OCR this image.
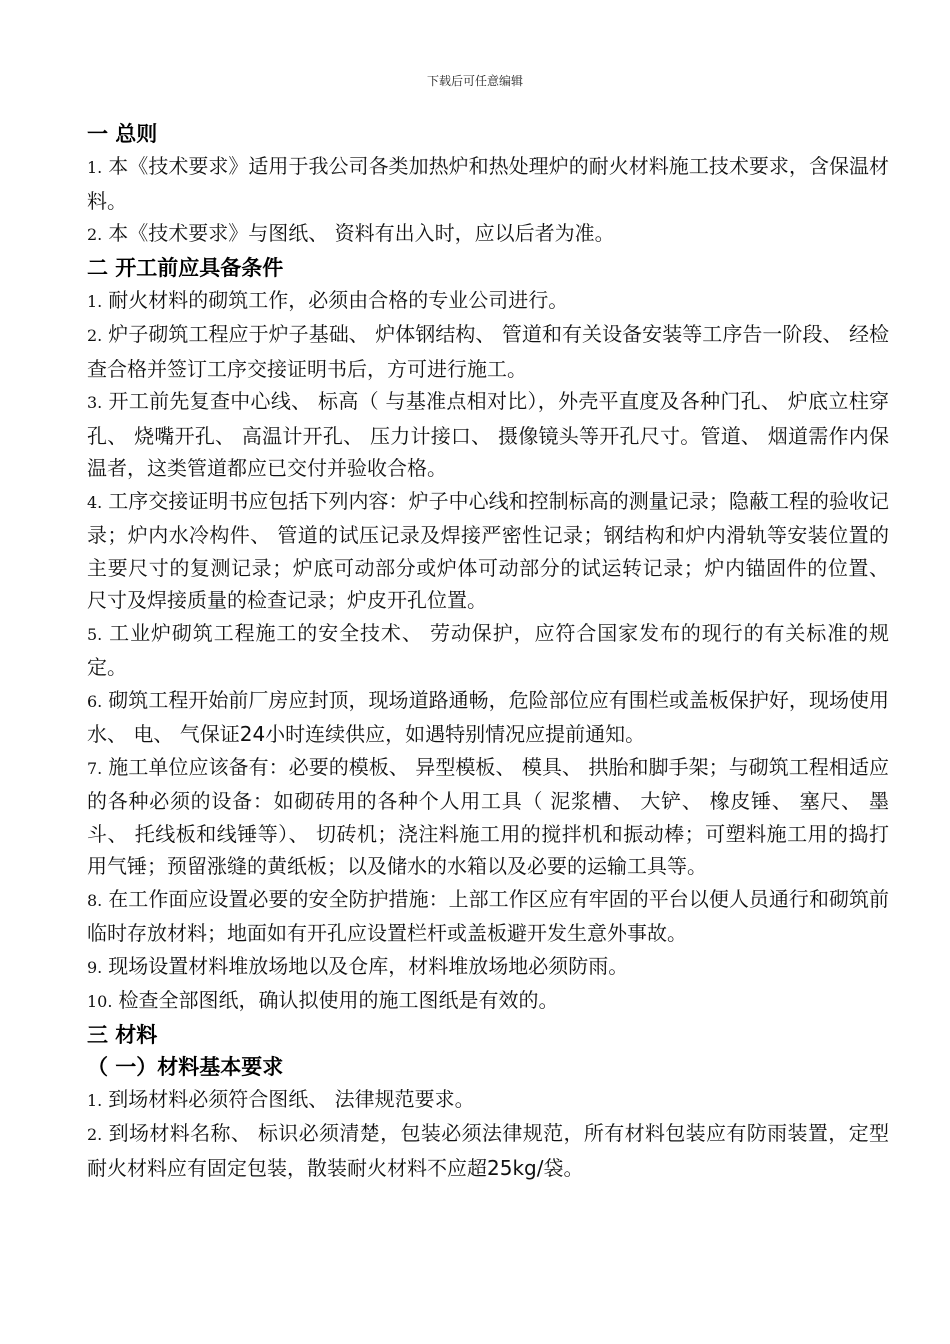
下载后可任意编辑
一 总则

1. 本《技术要求》适用于我公司各类加热炉和热处理炉的耐火材料施工技术要求，含保温材料。

2. 本《技术要求》与图纸、 资料有出入时，应以后者为准。

二 开工前应具备条件

1. 耐火材料的砌筑工作，必须由合格的专业公司进行。

2. 炉子砌筑工程应于炉子基础、 炉体钢结构、 管道和有关设备安装等工序告一阶段、 经检查合格并签订工序交接证明书后，方可进行施工。

3. 开工前先复查中心线、 标高（ 与基准点相对比），外壳平直度及各种门孔、 炉底立柱穿孔、 烧嘴开孔、 高温计开孔、 压力计接口、 摄像镜头等开孔尺寸。管道、 烟道需作内保温者，这类管道都应已交付并验收合格。

4. 工序交接证明书应包括下列内容：炉子中心线和控制标高的测量记录；隐蔽工程的验收记录；炉内水冷构件、 管道的试压记录及焊接严密性记录；钢结构和炉内滑轨等安装位置的主要尺寸的复测记录；炉底可动部分或炉体可动部分的试运转记录；炉内锚固件的位置、 尺寸及焊接质量的检查记录；炉皮开孔位置。

5. 工业炉砌筑工程施工的安全技术、 劳动保护，应符合国家发布的现行的有关标准的规定。

6. 砌筑工程开始前厂房应封顶，现场道路通畅，危险部位应有围栏或盖板保护好，现场使用水、 电、 气保证24小时连续供应，如遇特别情况应提前通知。

7. 施工单位应该备有：必要的模板、 异型模板、 模具、 拱胎和脚手架；与砌筑工程相适应的各种必须的设备：如砌砖用的各种个人用工具（ 泥浆槽、 大铲、 橡皮锤、 塞尺、 墨斗、 托线板和线锤等）、 切砖机；浇注料施工用的搅拌机和振动棒；可塑料施工用的捣打用气锤；预留涨缝的黄纸板；以及储水的水箱以及必要的运输工具等。

8. 在工作面应设置必要的安全防护措施：上部工作区应有牢固的平台以便人员通行和砌筑前临时存放材料；地面如有开孔应设置栏杆或盖板避开发生意外事故。

9. 现场设置材料堆放场地以及仓库，材料堆放场地必须防雨。

10. 检查全部图纸，确认拟使用的施工图纸是有效的。

三 材料
（ 一）材料基本要求

1. 到场材料必须符合图纸、 法律规范要求。

2. 到场材料名称、 标识必须清楚，包装必须法律规范，所有材料包装应有防雨装置，定型耐火材料应有固定包装，散装耐火材料不应超25kg/袋。
